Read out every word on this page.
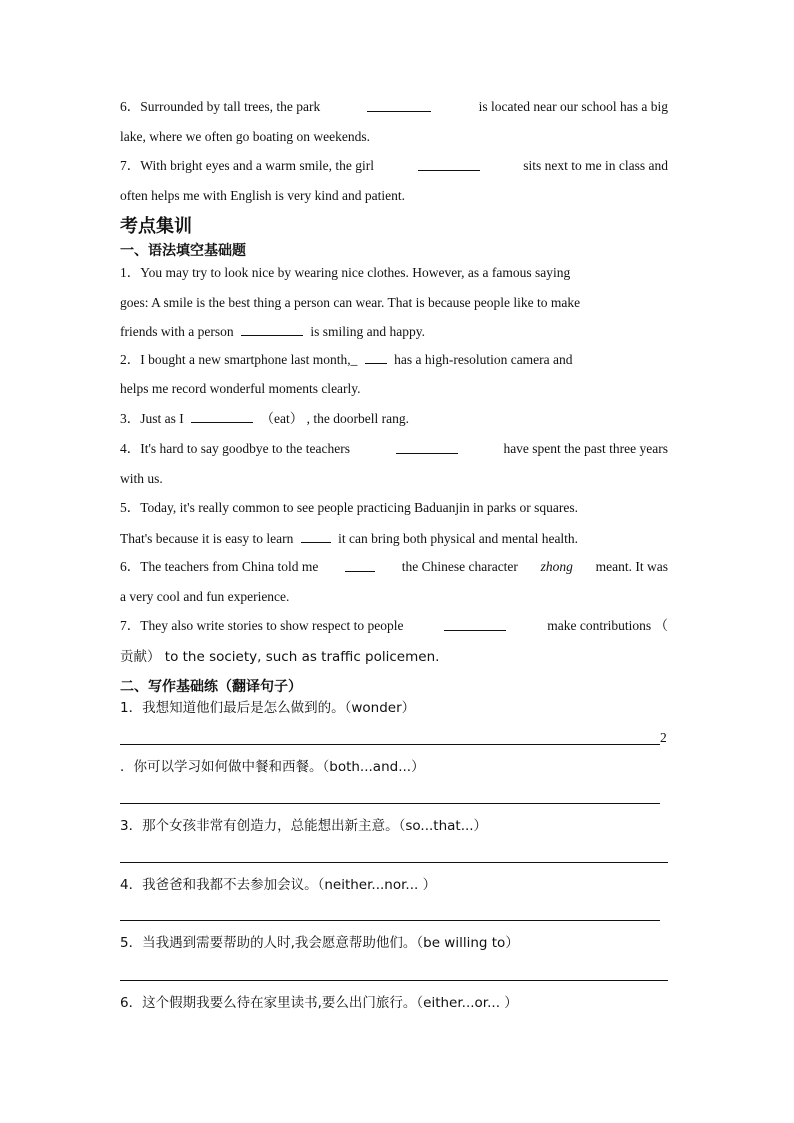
6．Surrounded by tall trees, the park	is located near our school has a big
lake, where we often go boating on weekends.
7．With bright eyes and a warm smile, the girl	sits next to me in class and
often helps me with English is very kind and patient.
考点集训
一、语法填空基础题
1．You may try to look nice by wearing nice clothes. However, as a famous saying
goes: A smile is the best thing a person can wear. That is because people like to make
friends with a person	is smiling and happy.
2．I bought a new smartphone last month,_	has a high-resolution camera and
helps me record wonderful moments clearly.
3．Just as I	（eat） , the doorbell rang.
4．It's hard to say goodbye to the teachers	have spent the past three years
with us.
5．Today, it's really common to see people practicing Baduanjin in parks or squares.
That's because it is easy to learn	it can bring both physical and mental health.
6．The teachers from China told me	the Chinese character zhong meant. It was
a very cool and fun experience.
7．They also write stories to show respect to people	make contributions （
贡献） to the society, such as traffic policemen.
二、写作基础练（翻译句子）
1．我想知道他们最后是怎么做到的。（wonder）
2
．你可以学习如何做中餐和西餐。（both...and...）
3．那个女孩非常有创造力，总能想出新主意。（so...that...）
4．我爸爸和我都不去参加会议。（neither...nor... ）
5．当我遇到需要帮助的人时,我会愿意帮助他们。（be willing to）
6．这个假期我要么待在家里读书,要么出门旅行。（either...or... ）
